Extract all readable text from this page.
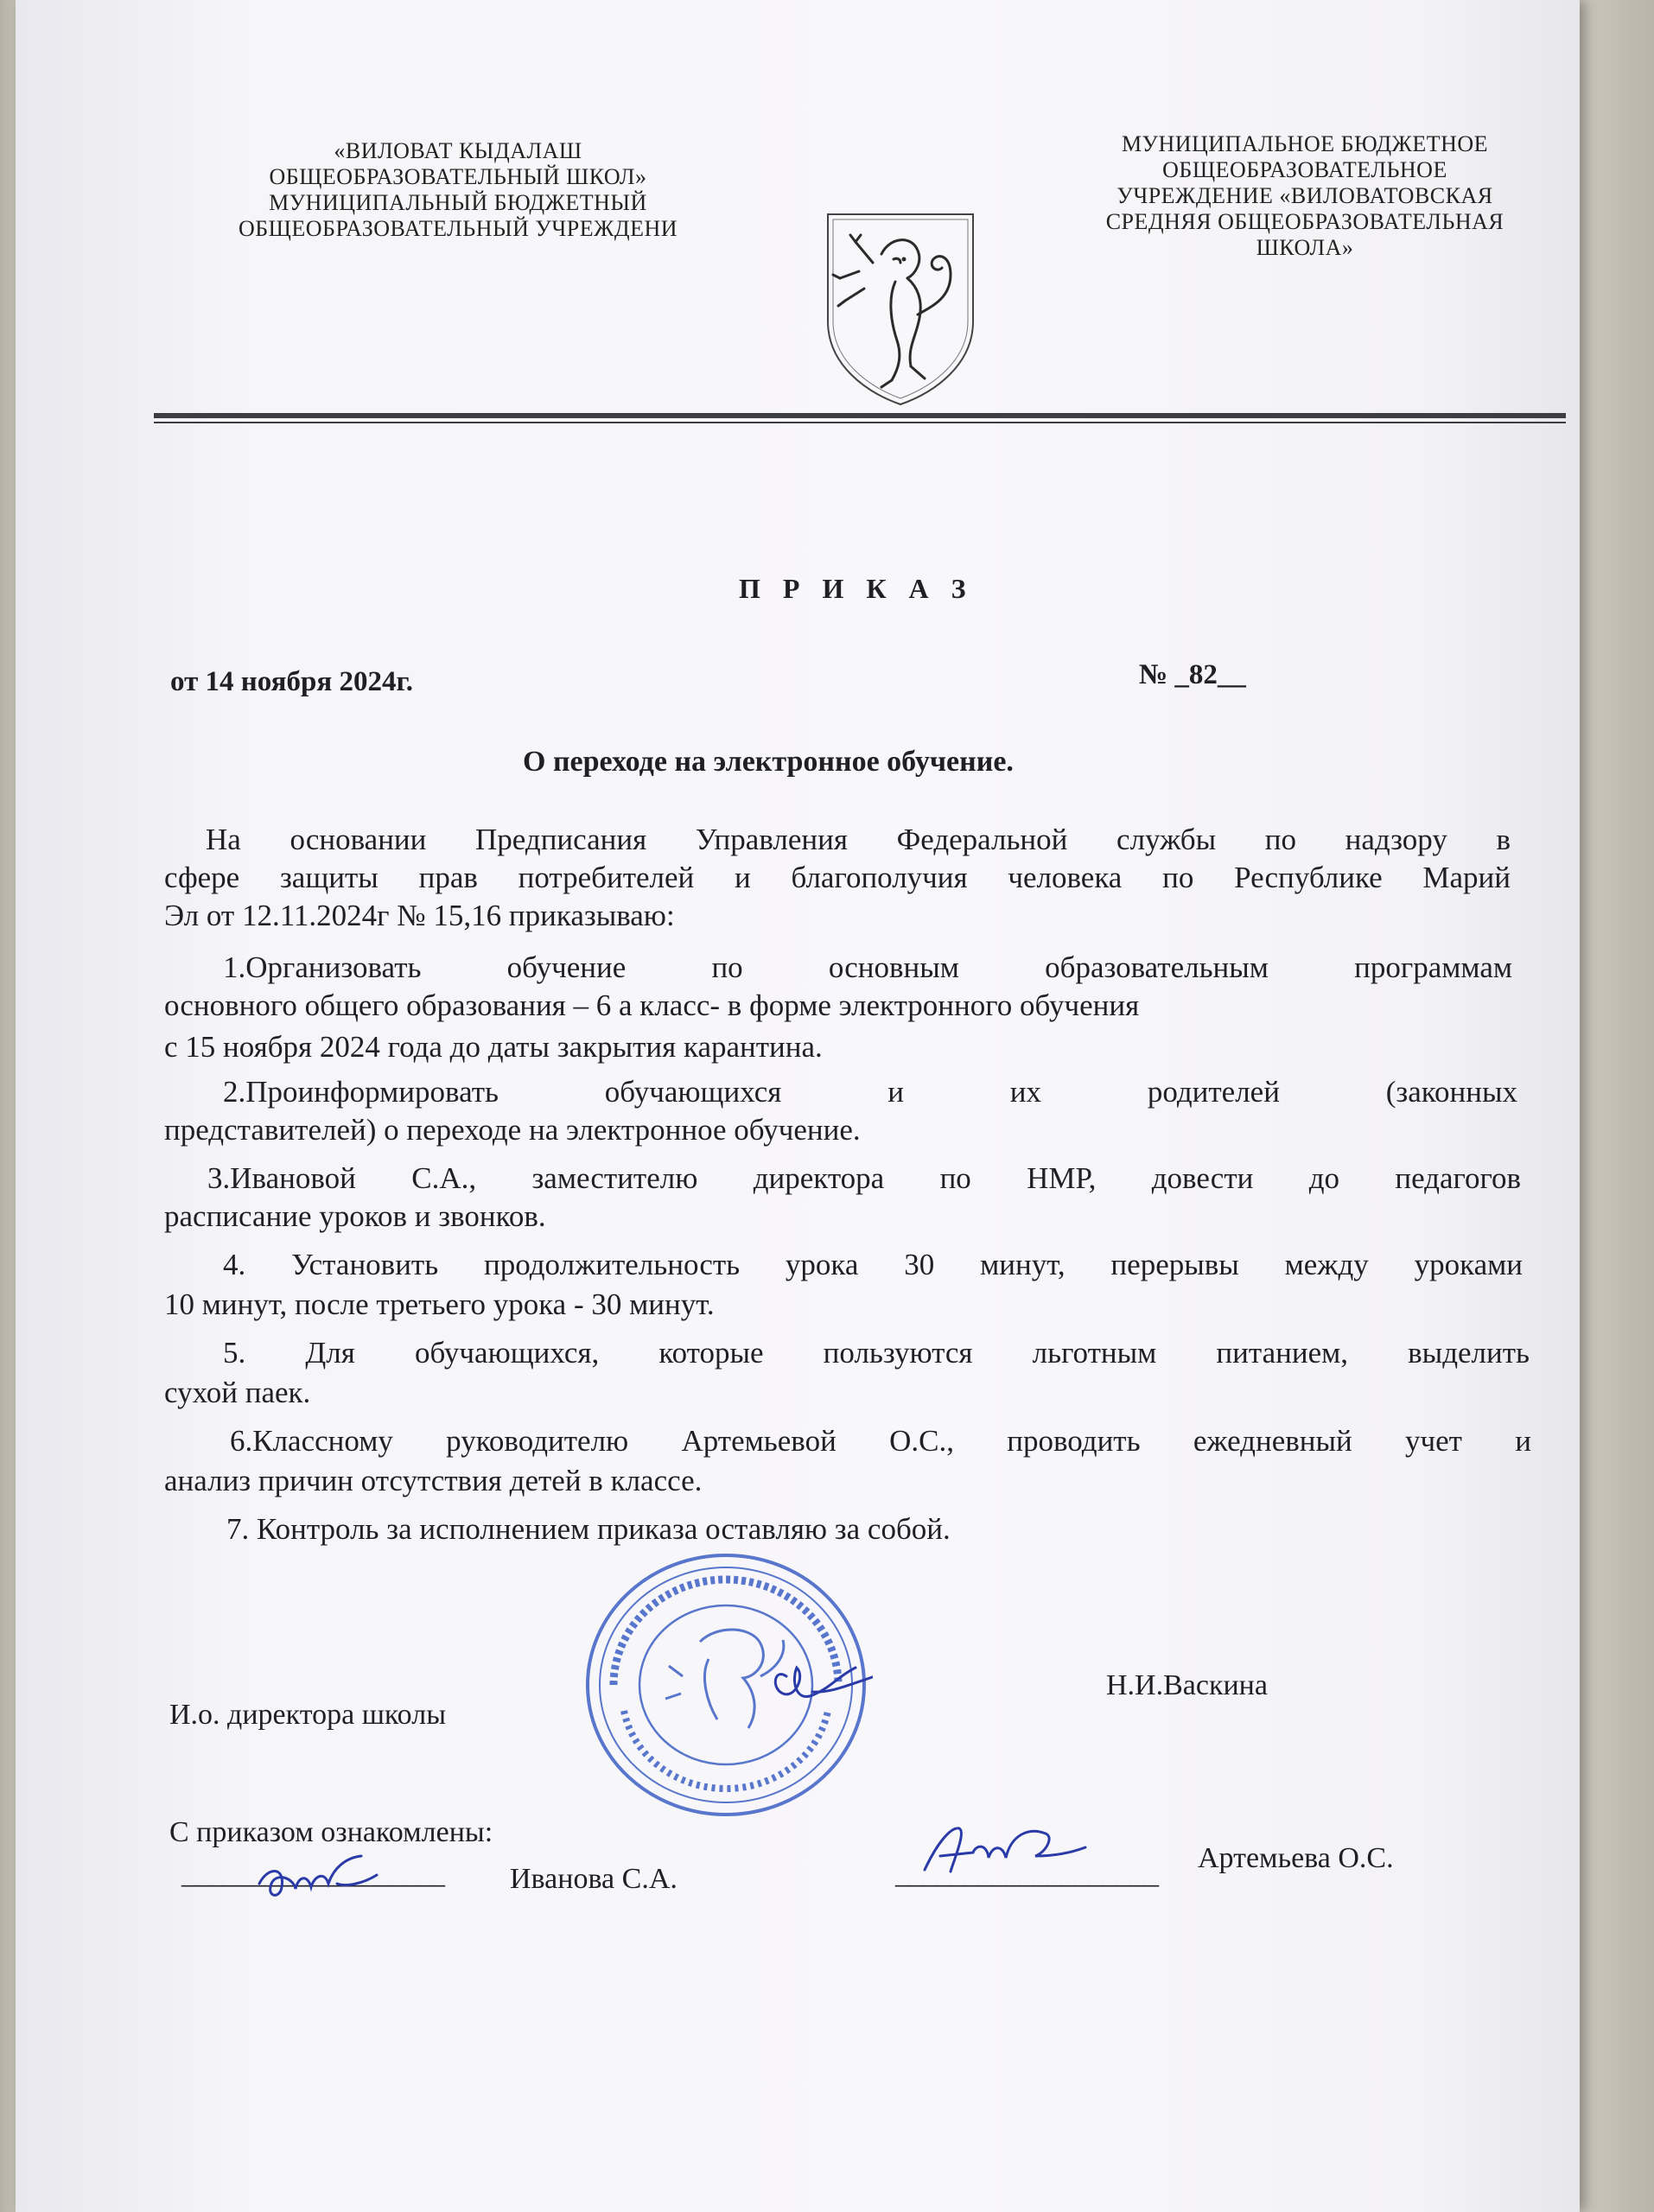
«ВИЛОВАТ КЫДАЛАШ
ОБЩЕОБРАЗОВАТЕЛЬНЫЙ ШКОЛ»
МУНИЦИПАЛЬНЫЙ БЮДЖЕТНЫЙ
ОБЩЕОБРАЗОВАТЕЛЬНЫЙ УЧРЕЖДЕНИ
МУНИЦИПАЛЬНОЕ БЮДЖЕТНОЕ
ОБЩЕОБРАЗОВАТЕЛЬНОЕ
УЧРЕЖДЕНИЕ «ВИЛОВАТОВСКАЯ
СРЕДНЯЯ ОБЩЕОБРАЗОВАТЕЛЬНАЯ
ШКОЛА»
П Р И К А З
от 14 ноября 2024г.	№ _82__
О переходе на электронное обучение.
На основании Предписания Управления Федеральной службы по надзору в
сфере защиты прав потребителей и благополучия человека по Республике Марий
Эл от 12.11.2024г № 15,16 приказываю:
1.Организовать обучение по основным образовательным программам
основного общего образования – 6 а класс- в форме электронного обучения
с 15 ноября 2024 года до даты закрытия карантина.
2.Проинформировать обучающихся и их родителей (законных
представителей) о переходе на электронное обучение.
3.Ивановой С.А., заместителю директора по НМР, довести до педагогов
расписание уроков и звонков.
4. Установить продолжительность урока 30 минут, перерывы между уроками
10 минут, после третьего урока - 30 минут.
5. Для обучающихся, которые пользуются льготным питанием, выделить
сухой паек.
6.Классному руководителю Артемьевой О.С., проводить ежедневный учет и
анализ причин отсутствия детей в классе.
7. Контроль за исполнением приказа оставляю за собой.
И.о. директора школы
Н.И.Васкина
С приказом ознакомлены:
___________________ Иванова С.А.	___________________ Артемьева О.С.
